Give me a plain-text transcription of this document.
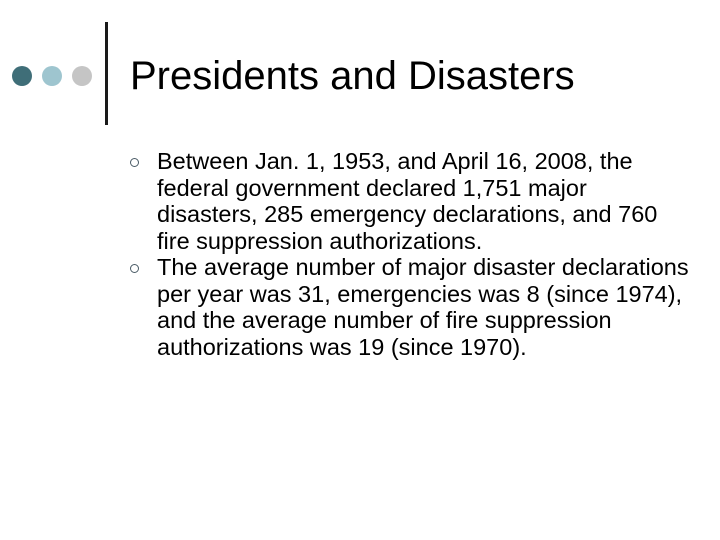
Presidents and Disasters
Between Jan. 1, 1953, and April 16, 2008, the federal government declared 1,751 major disasters, 285 emergency declarations, and 760 fire suppression authorizations.
The average number of major disaster declarations per year was 31, emergencies was 8 (since 1974), and the average number of fire suppression authorizations was 19 (since 1970).
